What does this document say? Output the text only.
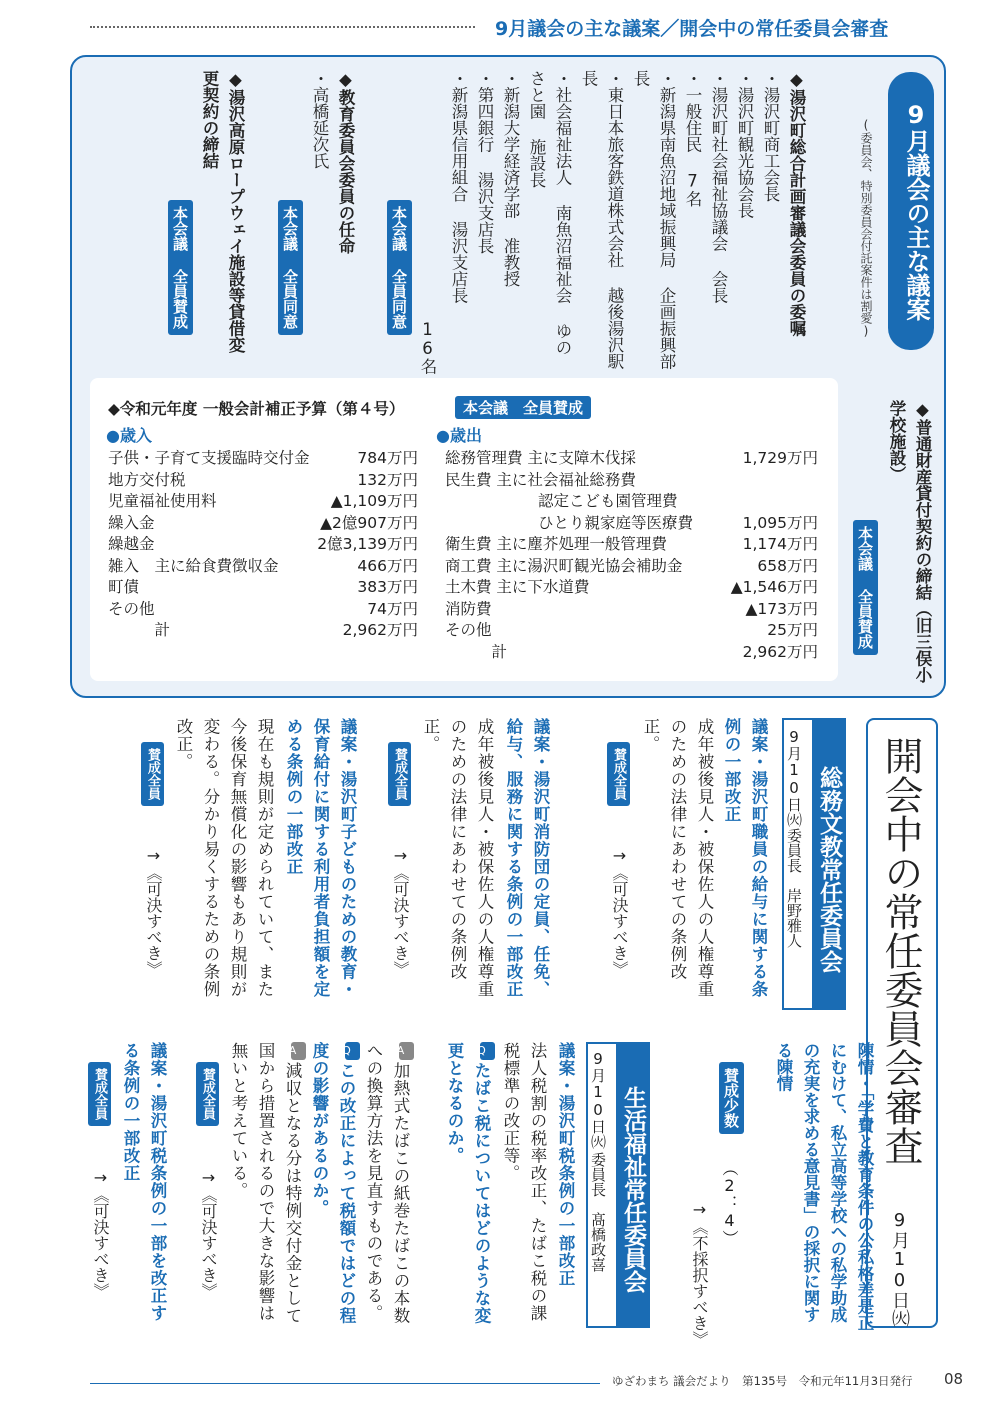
9月議会の主な議案／開会中の常任委員会審査
9月議会の主な議案
(委員会、特別委員会付託案件は割愛)
◆湯沢町総合計画審議会委員の委嘱
・湯沢町商工会長
・湯沢町観光協会長
・湯沢町社会福祉協議会 会長
・一般住民 7名
・新潟県南魚沼地域振興局 企画振興部長
・東日本旅客鉄道株式会社 越後湯沢駅長
・社会福祉法人 南魚沼福祉会 ゆのさと園 施設長
・新潟大学経済学部 准教授
・第四銀行 湯沢支店長
・新潟県信用組合 湯沢支店長
16名
本会議 全員同意
◆教育委員会委員の任命
・高橋延次氏
本会議 全員同意
◆湯沢高原ロープウェイ施設等貸借変更契約の締結
本会議 全員賛成
◆普通財産貸付契約の締結（旧三俣小学校施設）
本会議 全員賛成
◆令和元年度 一般会計補正予算（第４号）	本会議　全員賛成
●歳入	●歳出
子供・子育て支援臨時交付金	784万円
地方交付税	132万円
児童福祉使用料	▲1,109万円
繰入金	▲2億907万円
繰越金	2億3,139万円
雑入　主に給食費徴収金	466万円
町債	383万円
その他	74万円
　　　計	2,962万円
総務管理費 主に支障木伐採	1,729万円
民生費 主に社会福祉総務費
　　　　　　認定こども園管理費
　　　　　　ひとり親家庭等医療費	1,095万円
衛生費 主に塵芥処理一般管理費	1,174万円
商工費 主に湯沢町観光協会補助金	658万円
土木費 主に下水道費	▲1,546万円
消防費	▲173万円
その他	25万円
　　　計	2,962万円
開会中の常任委員会審査
9月10日㈫
陳情・「学費と教育条件の公私格差是正にむけて、私立高等学校への私学助成の充実を求める意見書」の採択に関する陳情
賛成少数
（2：4）
→《不採択すべき》
総務文教常任委員会
9月10日㈫
委員長　岸野雅人
議案・湯沢町職員の給与に関する条例の一部改正
成年被後見人・被保佐人の人権尊重のための法律にあわせての条例改正。
賛成全員
→《可決すべき》
議案・湯沢町消防団の定員、任免、給与、服務に関する条例の一部改正
成年被後見人・被保佐人の人権尊重のための法律にあわせての条例改正。
賛成全員
→《可決すべき》
議案・湯沢町子どものための教育・保育給付に関する利用者負担額を定める条例の一部改正
現在も規則が定められていて、また今後保育無償化の影響もあり規則が変わる。分かり易くするための条例改正。
賛成全員
→《可決すべき》
生活福祉常任委員会
9月10日㈫
委員長　髙橋政喜
議案・湯沢町税条例の一部改正
法人税割の税率改正、たばこ税の課税標準の改正等。
Qたばこ税についてはどのような変更となるのか。
A加熱式たばこの紙巻たばこの本数への換算方法を見直すものである。
Qこの改正によって税額ではどの程度の影響があるのか。
A減収となる分は特例交付金として国から措置されるので大きな影響は無いと考えている。
賛成全員
→《可決すべき》
議案・湯沢町税条例の一部を改正する条例の一部改正
賛成全員
→《可決すべき》
ゆざわまち 議会だより　第135号　令和元年11月3日発行 08
